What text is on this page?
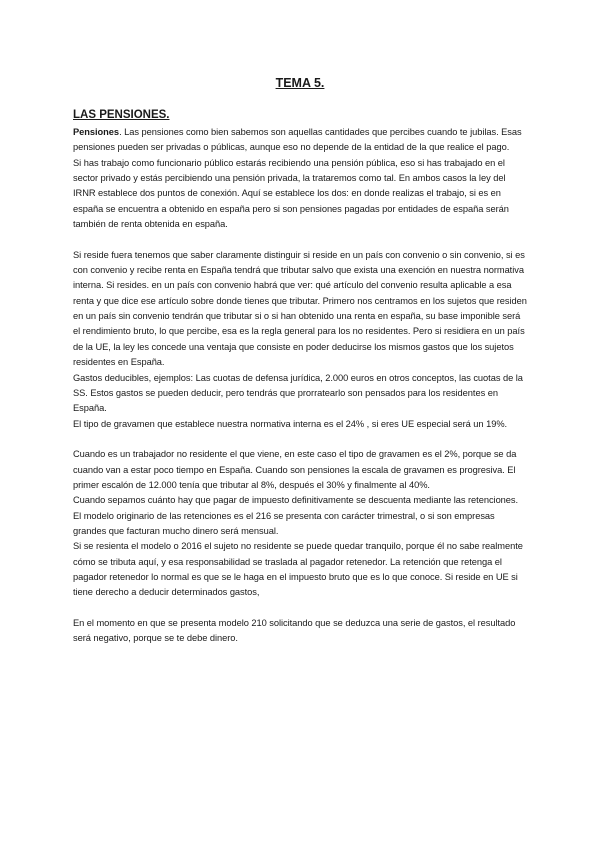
TEMA 5.
LAS PENSIONES.

Pensiones. Las pensiones como bien sabemos son aquellas cantidades que percibes cuando te jubilas. Esas pensiones pueden ser privadas o públicas, aunque eso no depende de la entidad de la que realice el pago.

Si has trabajo como funcionario público estarás recibiendo una pensión pública, eso si has trabajado en el sector privado y estás percibiendo una pensión privada, la trataremos como tal. En ambos casos la ley del IRNR establece dos puntos de conexión. Aquí se establece los dos: en donde realizas el trabajo, si es en españa se encuentra a obtenido en españa pero si son pensiones pagadas por entidades de españa serán también de renta obtenida en españa.

Si reside fuera tenemos que saber claramente distinguir si reside en un país con convenio o sin convenio, si es con convenio y recibe renta en España tendrá que tributar salvo que exista una exención en nuestra normativa interna. Si resides. en un país con convenio habrá que ver: qué artículo del convenio resulta aplicable a esa renta y que dice ese artículo sobre donde tienes que tributar. Primero nos centramos en los sujetos que residen en un país sin convenio tendrán que tributar si o si han obtenido una renta en españa, su base imponible será el rendimiento bruto, lo que percibe, esa es la regla general para los no residentes. Pero si residiera en un país de la UE, la ley les concede una ventaja que consiste en poder deducirse los mismos gastos que los sujetos residentes en España.

Gastos deducibles, ejemplos: Las cuotas de defensa jurídica, 2.000 euros en otros conceptos, las cuotas de la SS. Estos gastos se pueden deducir, pero tendrás que prorratearlo son pensados para los residentes en España.

El tipo de gravamen que establece nuestra normativa interna es el 24% , si eres UE especial será un 19%.

Cuando es un trabajador no residente el que viene, en este caso el tipo de gravamen es el 2%, porque se da cuando van a estar poco tiempo en España. Cuando son pensiones la escala de gravamen es progresiva. El primer escalón de 12.000 tenía que tributar al 8%, después el 30% y finalmente al 40%.

Cuando sepamos cuánto hay que pagar de impuesto definitivamente se descuenta mediante las retenciones.

El modelo originario de las retenciones es el 216 se presenta con carácter trimestral, o si son empresas grandes que facturan mucho dinero será mensual.

Si se resienta el modelo o 2016 el sujeto no residente se puede quedar tranquilo, porque él no sabe realmente cómo se tributa aquí, y esa responsabilidad se traslada al pagador retenedor. La retención que retenga el pagador retenedor lo normal es que se le haga en el impuesto bruto que es lo que conoce. Si reside en UE si tiene derecho a deducir determinados gastos,

En el momento en que se presenta modelo 210 solicitando que se deduzca una serie de gastos, el resultado será negativo, porque se te debe dinero.
